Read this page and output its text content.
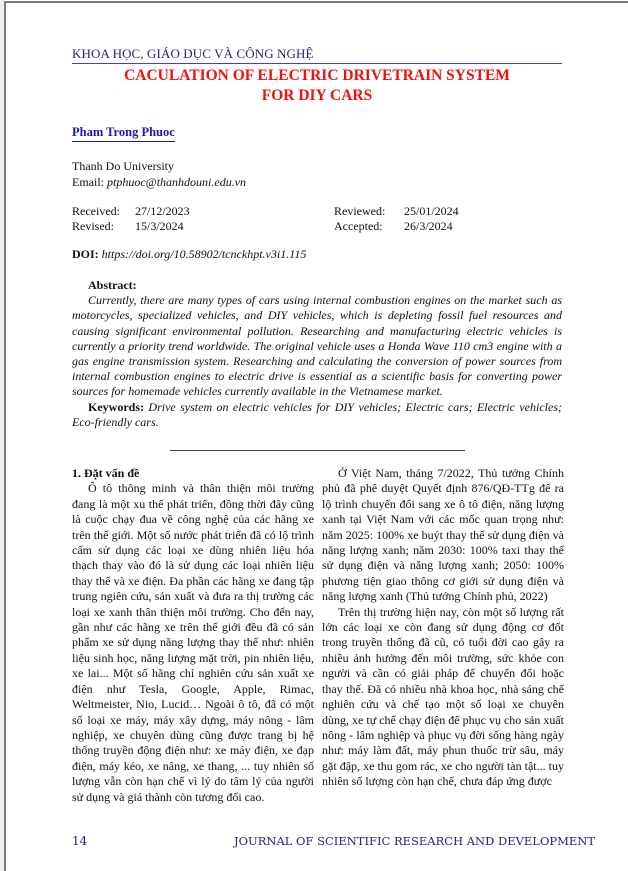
KHOA HỌC, GIÁO DỤC VÀ CÔNG NGHỆ
CACULATION OF ELECTRIC DRIVETRAIN SYSTEM
FOR DIY CARS
Pham Trong Phuoc
Thanh Do University
Email: ptphuoc@thanhdouni.edu.vn
Received: 27/12/2023	Reviewed: 25/01/2024
Revised: 15/3/2024	Accepted: 26/3/2024
DOI: https://doi.org/10.58902/tcnckhpt.v3i1.115
Abstract:

Currently, there are many types of cars using internal combustion engines on the market such as motorcycles, specialized vehicles, and DIY vehicles, which is depleting fossil fuel resources and causing significant environmental pollution. Researching and manufacturing electric vehicles is currently a priority trend worldwide. The original vehicle uses a Honda Wave 110 cm3 engine with a gas engine transmission system. Researching and calculating the conversion of power sources from internal combustion engines to electric drive is essential as a scientific basis for converting power sources for homemade vehicles currently available in the Vietnamese market.

Keywords: Drive system on electric vehicles for DIY vehicles; Electric cars; Electric vehicles; Eco-friendly cars.

1. Đặt vấn đề

Ô tô thông minh và thân thiện môi trường đang là một xu thế phát triển, đồng thời đây cũng là cuộc chạy đua về công nghệ của các hãng xe trên thế giới. Một số nước phát triển đã có lộ trình cấm sử dụng các loại xe dùng nhiên liệu hóa thạch thay vào đó là sử dụng các loại nhiên liệu thay thế và xe điện. Đa phần các hãng xe đang tập trung ngiên cứu, sản xuất và đưa ra thị trường các loại xe xanh thân thiện môi trường. Cho đến nay, gần như các hãng xe trên thế giới đều đã có sản phẩm xe sử dụng năng lượng thay thế như: nhiên liệu sinh học, năng lượng mặt trời, pin nhiên liệu, xe lai... Một số hãng chỉ nghiên cứu sản xuất xe điện như Tesla, Google, Apple, Rimac, Weltmeister, Nio, Lucid… Ngoài ô tô, đã có một số loại xe máy, máy xây dựng, máy nông - lâm nghiệp, xe chuyên dùng cũng được trang bị hệ thống truyền động điện như: xe máy điện, xe đạp điện, máy kéo, xe nâng, xe thang, ... tuy nhiên số lượng vẫn còn hạn chế vì lý do tâm lý của người sử dụng và giá thành còn tương đối cao.

Ở Việt Nam, tháng 7/2022, Thủ tướng Chính phủ đã phê duyệt Quyết định 876/QĐ-TTg để ra lộ trình chuyển đổi sang xe ô tô điện, năng lượng xanh tại Việt Nam với các mốc quan trọng như: năm 2025: 100% xe buýt thay thế sử dụng điện và năng lượng xanh; năm 2030: 100% taxi thay thế sử dụng điện và năng lượng xanh; 2050: 100% phương tiện giao thông cơ giới sử dụng điện và năng lượng xanh (Thủ tướng Chính phủ, 2022)

Trên thị trường hiện nay, còn một số lượng rất lớn các loại xe còn đang sử dụng động cơ đốt trong truyền thống đã cũ, có tuổi đời cao gây ra nhiều ảnh hưởng đến môi trường, sức khỏe con người và cần có giải pháp để chuyển đổi hoặc thay thế. Đã có nhiều nhà khoa học, nhà sáng chế nghiên cứu và chế tạo một số loại xe chuyên dùng, xe tự chế chạy điện để phục vụ cho sản xuất nông - lâm nghiệp và phục vụ đời sống hàng ngày như: máy làm đất, máy phun thuốc trừ sâu, máy gặt đập, xe thu gom rác, xe cho người tàn tật... tuy nhiên số lượng còn hạn chế, chưa đáp ứng được

14	JOURNAL OF SCIENTIFIC RESEARCH AND DEVELOPMENT
